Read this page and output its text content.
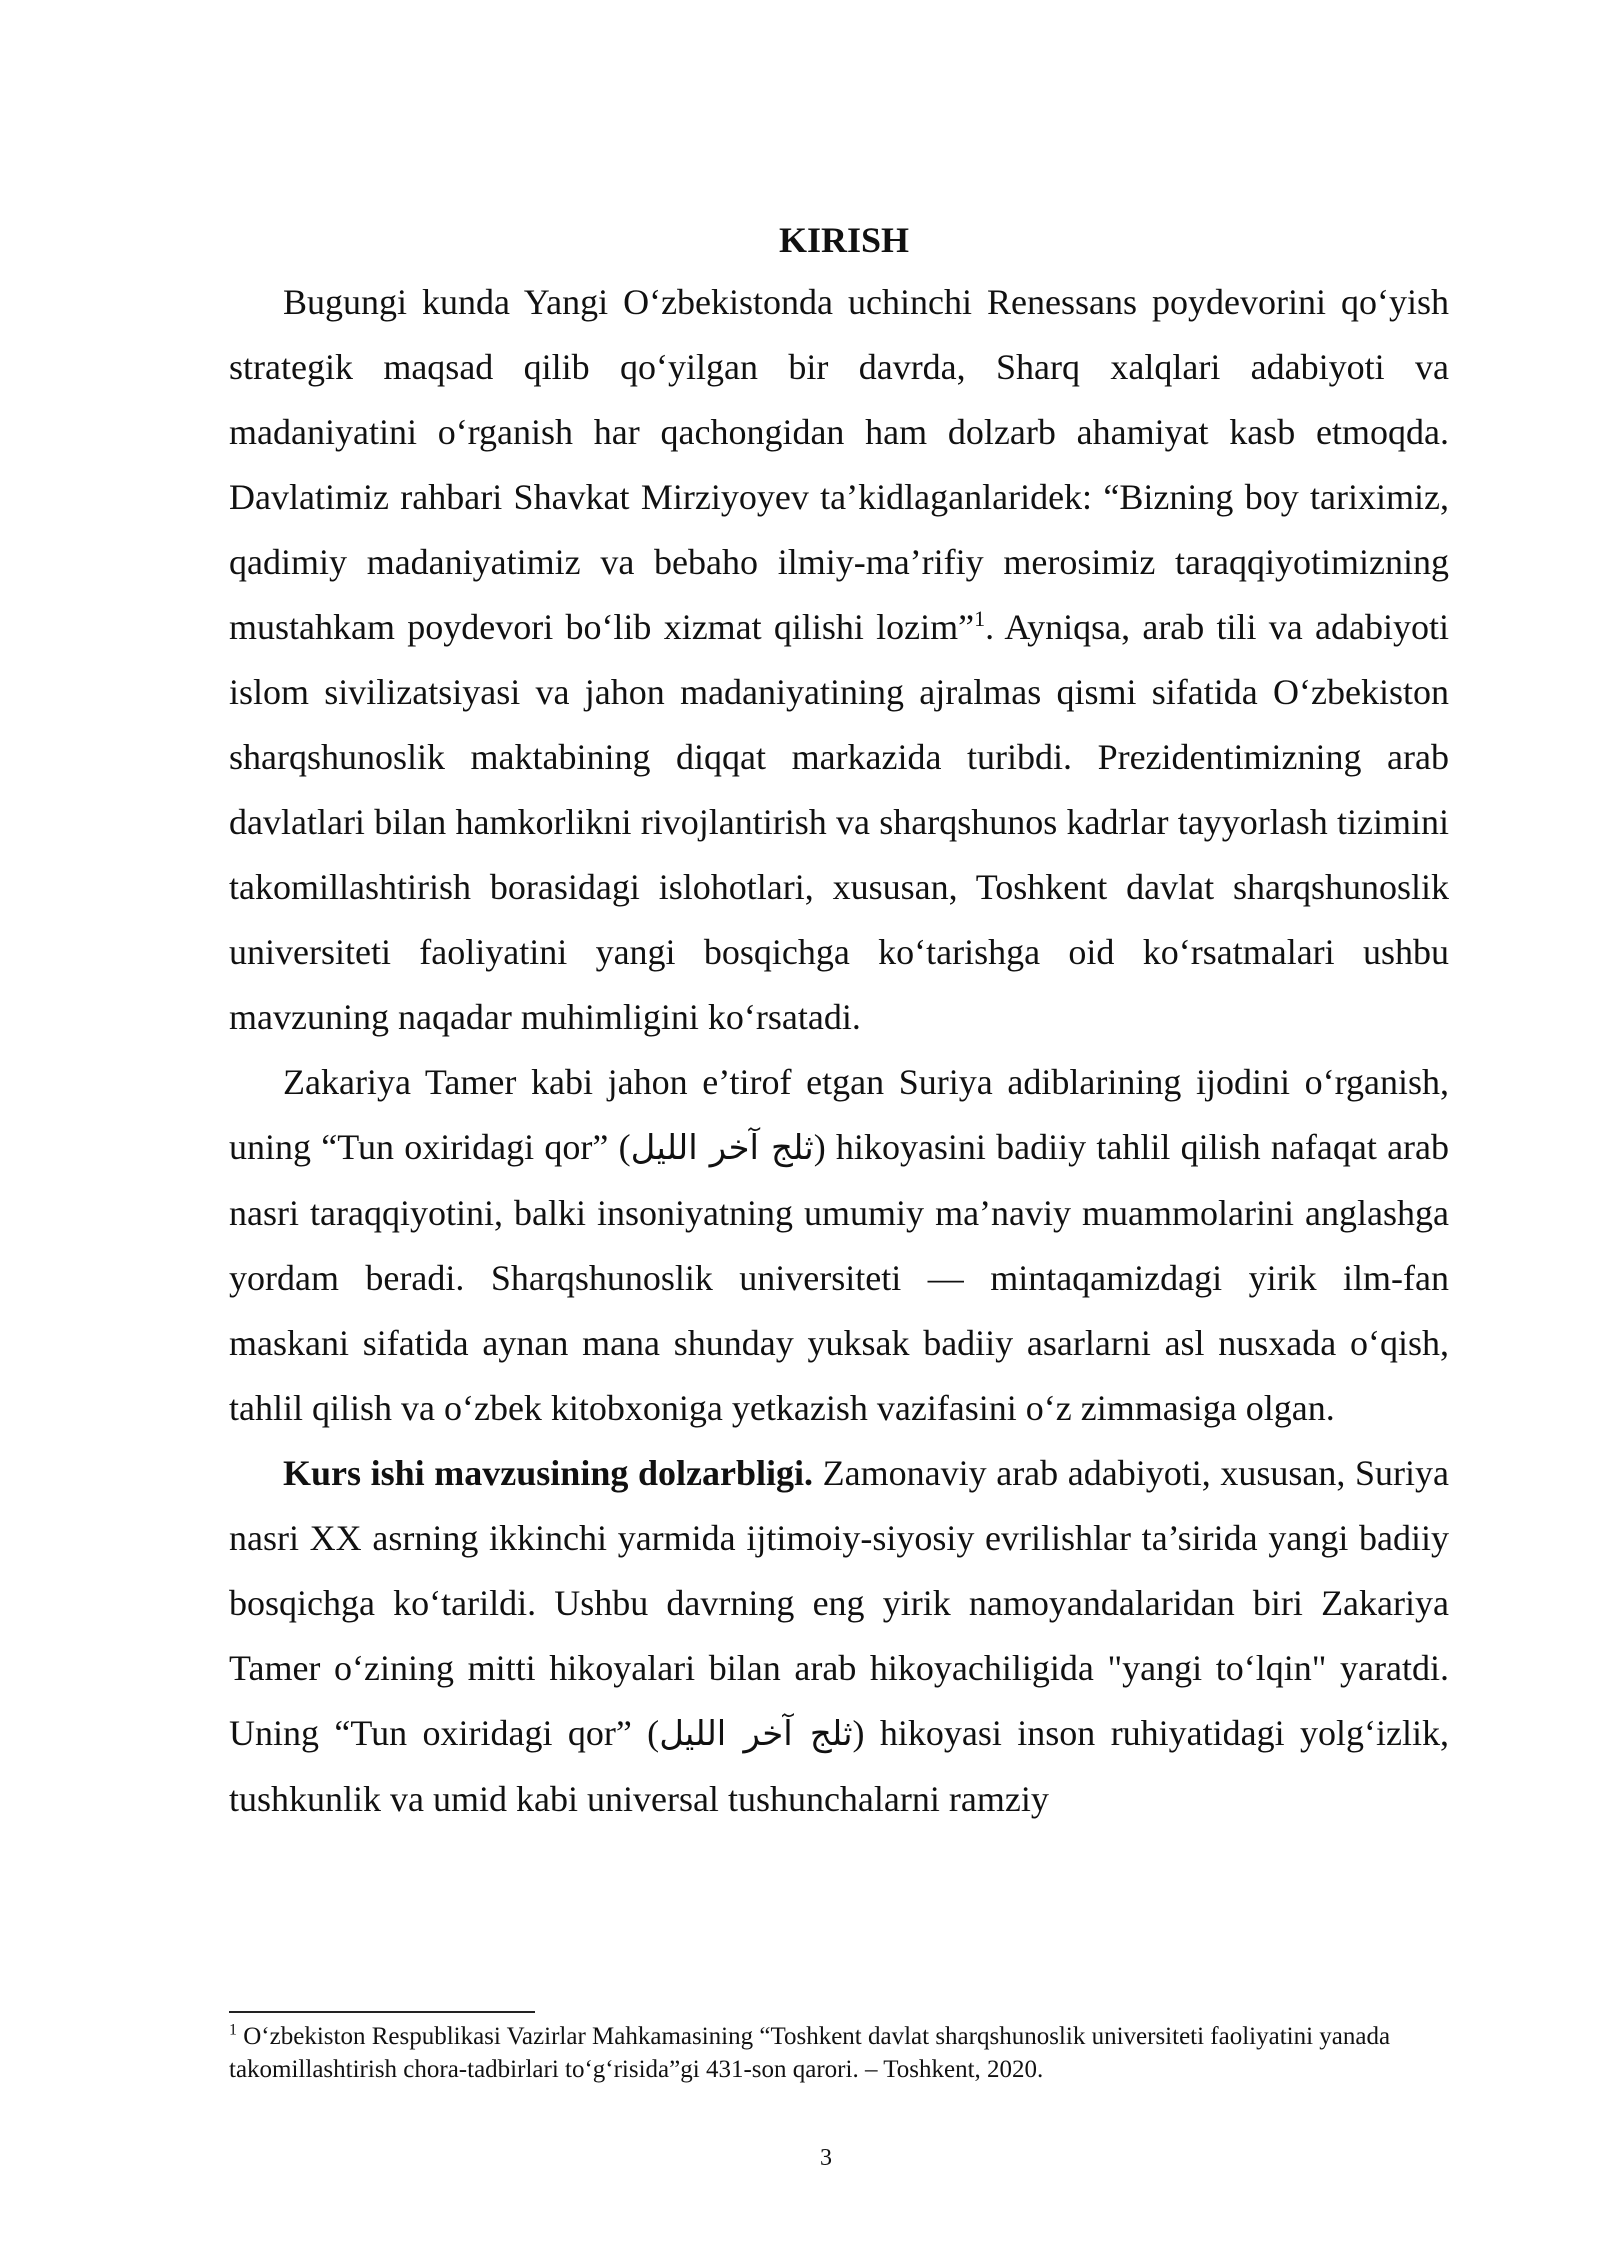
KIRISH

Bugungi kunda Yangi O‘zbekistonda uchinchi Renessans poydevorini qo‘yish strategik maqsad qilib qo‘yilgan bir davrda, Sharq xalqlari adabiyoti va madaniyatini o‘rganish har qachongidan ham dolzarb ahamiyat kasb etmoqda. Davlatimiz rahbari Shavkat Mirziyoyev ta’kidlaganlaridek: “Bizning boy tariximiz, qadimiy madaniyatimiz va bebaho ilmiy-ma’rifiy merosimiz taraqqiyotimizning mustahkam poydevori bo‘lib xizmat qilishi lozim”$^1$. Ayniqsa, arab tili va adabiyoti islom sivilizatsiyasi va jahon madaniyatining ajralmas qismi sifatida O‘zbekiston sharqshunoslik maktabining diqqat markazida turibdi. Prezidentimizning arab davlatlari bilan hamkorlikni rivojlantirish va sharqshunos kadrlar tayyorlash tizimini takomillashtirish borasidagi islohotlari, xususan, Toshkent davlat sharqshunoslik universiteti faoliyatini yangi bosqichga ko‘tarishga oid ko‘rsatmalari ushbu mavzuning naqadar muhimligini ko‘rsatadi.

Zakariya Tamer kabi jahon e’tirof etgan Suriya adiblarining ijodini o‘rganish, uning “Tun oxiridagi qor” (ثلج آخر الليل) hikoyasini badiiy tahlil qilish nafaqat arab nasri taraqqiyotini, balki insoniyatning umumiy ma’naviy muammolarini anglashga yordam beradi. Sharqshunoslik universiteti — mintaqamizdagi yirik ilm-fan maskani sifatida aynan mana shunday yuksak badiiy asarlarni asl nusxada o‘qish, tahlil qilish va o‘zbek kitobxoniga yetkazish vazifasini o‘z zimmasiga olgan.

Kurs ishi mavzusining dolzarbligi. Zamonaviy arab adabiyoti, xususan, Suriya nasri XX asrning ikkinchi yarmida ijtimoiy-siyosiy evrilishlar ta’sirida yangi badiiy bosqichga ko‘tarildi. Ushbu davrning eng yirik namoyandalaridan biri Zakariya Tamer o‘zining mitti hikoyalari bilan arab hikoyachiligida "yangi to‘lqin" yaratdi. Uning “Tun oxiridagi qor” (ثلج آخر الليل) hikoyasi inson ruhiyatidagi yolg‘izlik, tushkunlik va umid kabi universal tushunchalarni ramziy

$^1$ O‘zbekiston Respublikasi Vazirlar Mahkamasining “Toshkent davlat sharqshunoslik universiteti faoliyatini yanada takomillashtirish chora-tadbirlari to‘g‘risida”gi 431-son qarori. – Toshkent, 2020.

3
